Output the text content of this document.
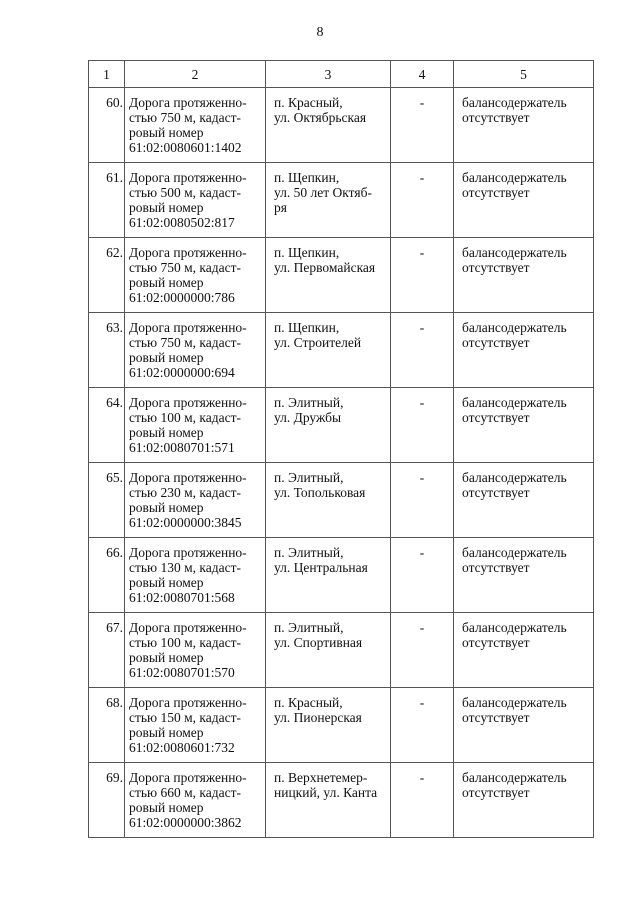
8
1	2	3	4	5

60.	Дорога протяженно-
стью 750 м, кадаст-
ровый номер
61:02:0080601:1402	п. Красный,
ул. Октябрьская	-	балансодержатель
отсутствует

61.	Дорога протяженно-
стью 500 м, кадаст-
ровый номер
61:02:0080502:817	п. Щепкин,
ул. 50 лет Октяб-
ря	-	балансодержатель
отсутствует

62.	Дорога протяженно-
стью 750 м, кадаст-
ровый номер
61:02:0000000:786	п. Щепкин,
ул. Первомайская	-	балансодержатель
отсутствует

63.	Дорога протяженно-
стью 750 м, кадаст-
ровый номер
61:02:0000000:694	п. Щепкин,
ул. Строителей	-	балансодержатель
отсутствует

64.	Дорога протяженно-
стью 100 м, кадаст-
ровый номер
61:02:0080701:571	п. Элитный,
ул. Дружбы	-	балансодержатель
отсутствует

65.	Дорога протяженно-
стью 230 м, кадаст-
ровый номер
61:02:0000000:3845	п. Элитный,
ул. Топольковая	-	балансодержатель
отсутствует

66.	Дорога протяженно-
стью 130 м, кадаст-
ровый номер
61:02:0080701:568	п. Элитный,
ул. Центральная	-	балансодержатель
отсутствует

67.	Дорога протяженно-
стью 100 м, кадаст-
ровый номер
61:02:0080701:570	п. Элитный,
ул. Спортивная	-	балансодержатель
отсутствует

68.	Дорога протяженно-
стью 150 м, кадаст-
ровый номер
61:02:0080601:732	п. Красный,
ул. Пионерская	-	балансодержатель
отсутствует

69.	Дорога протяженно-
стью 660 м, кадаст-
ровый номер
61:02:0000000:3862	п. Верхнетемер-
ницкий, ул. Канта	-	балансодержатель
отсутствует
